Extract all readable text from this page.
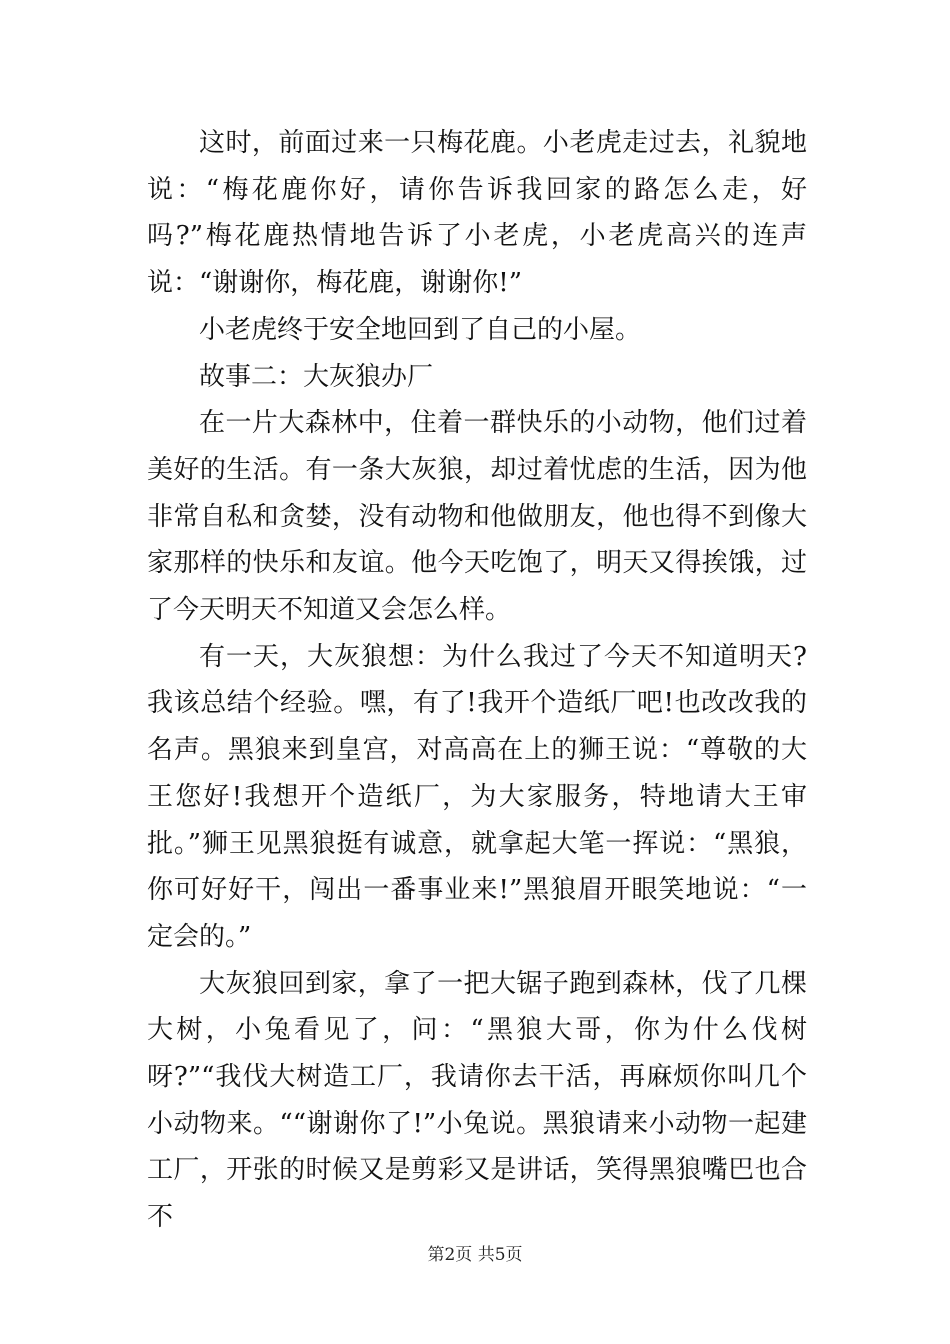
这时，前面过来一只梅花鹿。小老虎走过去，礼貌地说：“梅花鹿你好，请你告诉我回家的路怎么走，好吗?”梅花鹿热情地告诉了小老虎，小老虎高兴的连声说：“谢谢你，梅花鹿，谢谢你!”

小老虎终于安全地回到了自己的小屋。

故事二：大灰狼办厂

在一片大森林中，住着一群快乐的小动物，他们过着美好的生活。有一条大灰狼，却过着忧虑的生活，因为他非常自私和贪婪，没有动物和他做朋友，他也得不到像大家那样的快乐和友谊。他今天吃饱了，明天又得挨饿，过了今天明天不知道又会怎么样。

有一天，大灰狼想：为什么我过了今天不知道明天?我该总结个经验。嘿，有了!我开个造纸厂吧!也改改我的名声。黑狼来到皇宫，对高高在上的狮王说：“尊敬的大王您好!我想开个造纸厂，为大家服务，特地请大王审批。”狮王见黑狼挺有诚意，就拿起大笔一挥说：“黑狼，你可好好干，闯出一番事业来!”黑狼眉开眼笑地说：“一定会的。”

大灰狼回到家，拿了一把大锯子跑到森林，伐了几棵大树，小兔看见了，问：“黑狼大哥，你为什么伐树呀?”“我伐大树造工厂，我请你去干活，再麻烦你叫几个小动物来。““谢谢你了!”小兔说。黑狼请来小动物一起建工厂，开张的时候又是剪彩又是讲话，笑得黑狼嘴巴也合不

第2页 共5页
